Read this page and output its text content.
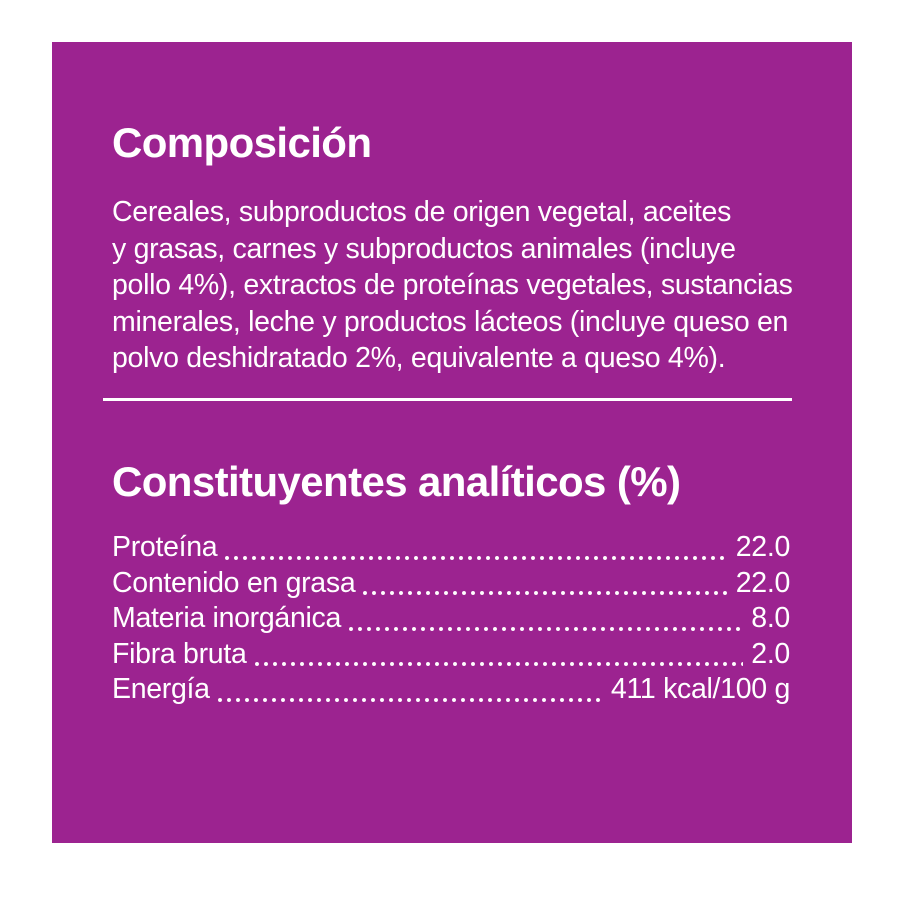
Composición
Cereales, subproductos de origen vegetal, aceites
y grasas, carnes y subproductos animales (incluye
pollo 4%), extractos de proteínas vegetales, sustancias
minerales, leche y productos lácteos (incluye queso en
polvo deshidratado 2%, equivalente a queso 4%).
Constituyentes analíticos (%)
Proteína	22.0
Contenido en grasa	22.0
Materia inorgánica	8.0
Fibra bruta	2.0
Energía	411 kcal/100 g
